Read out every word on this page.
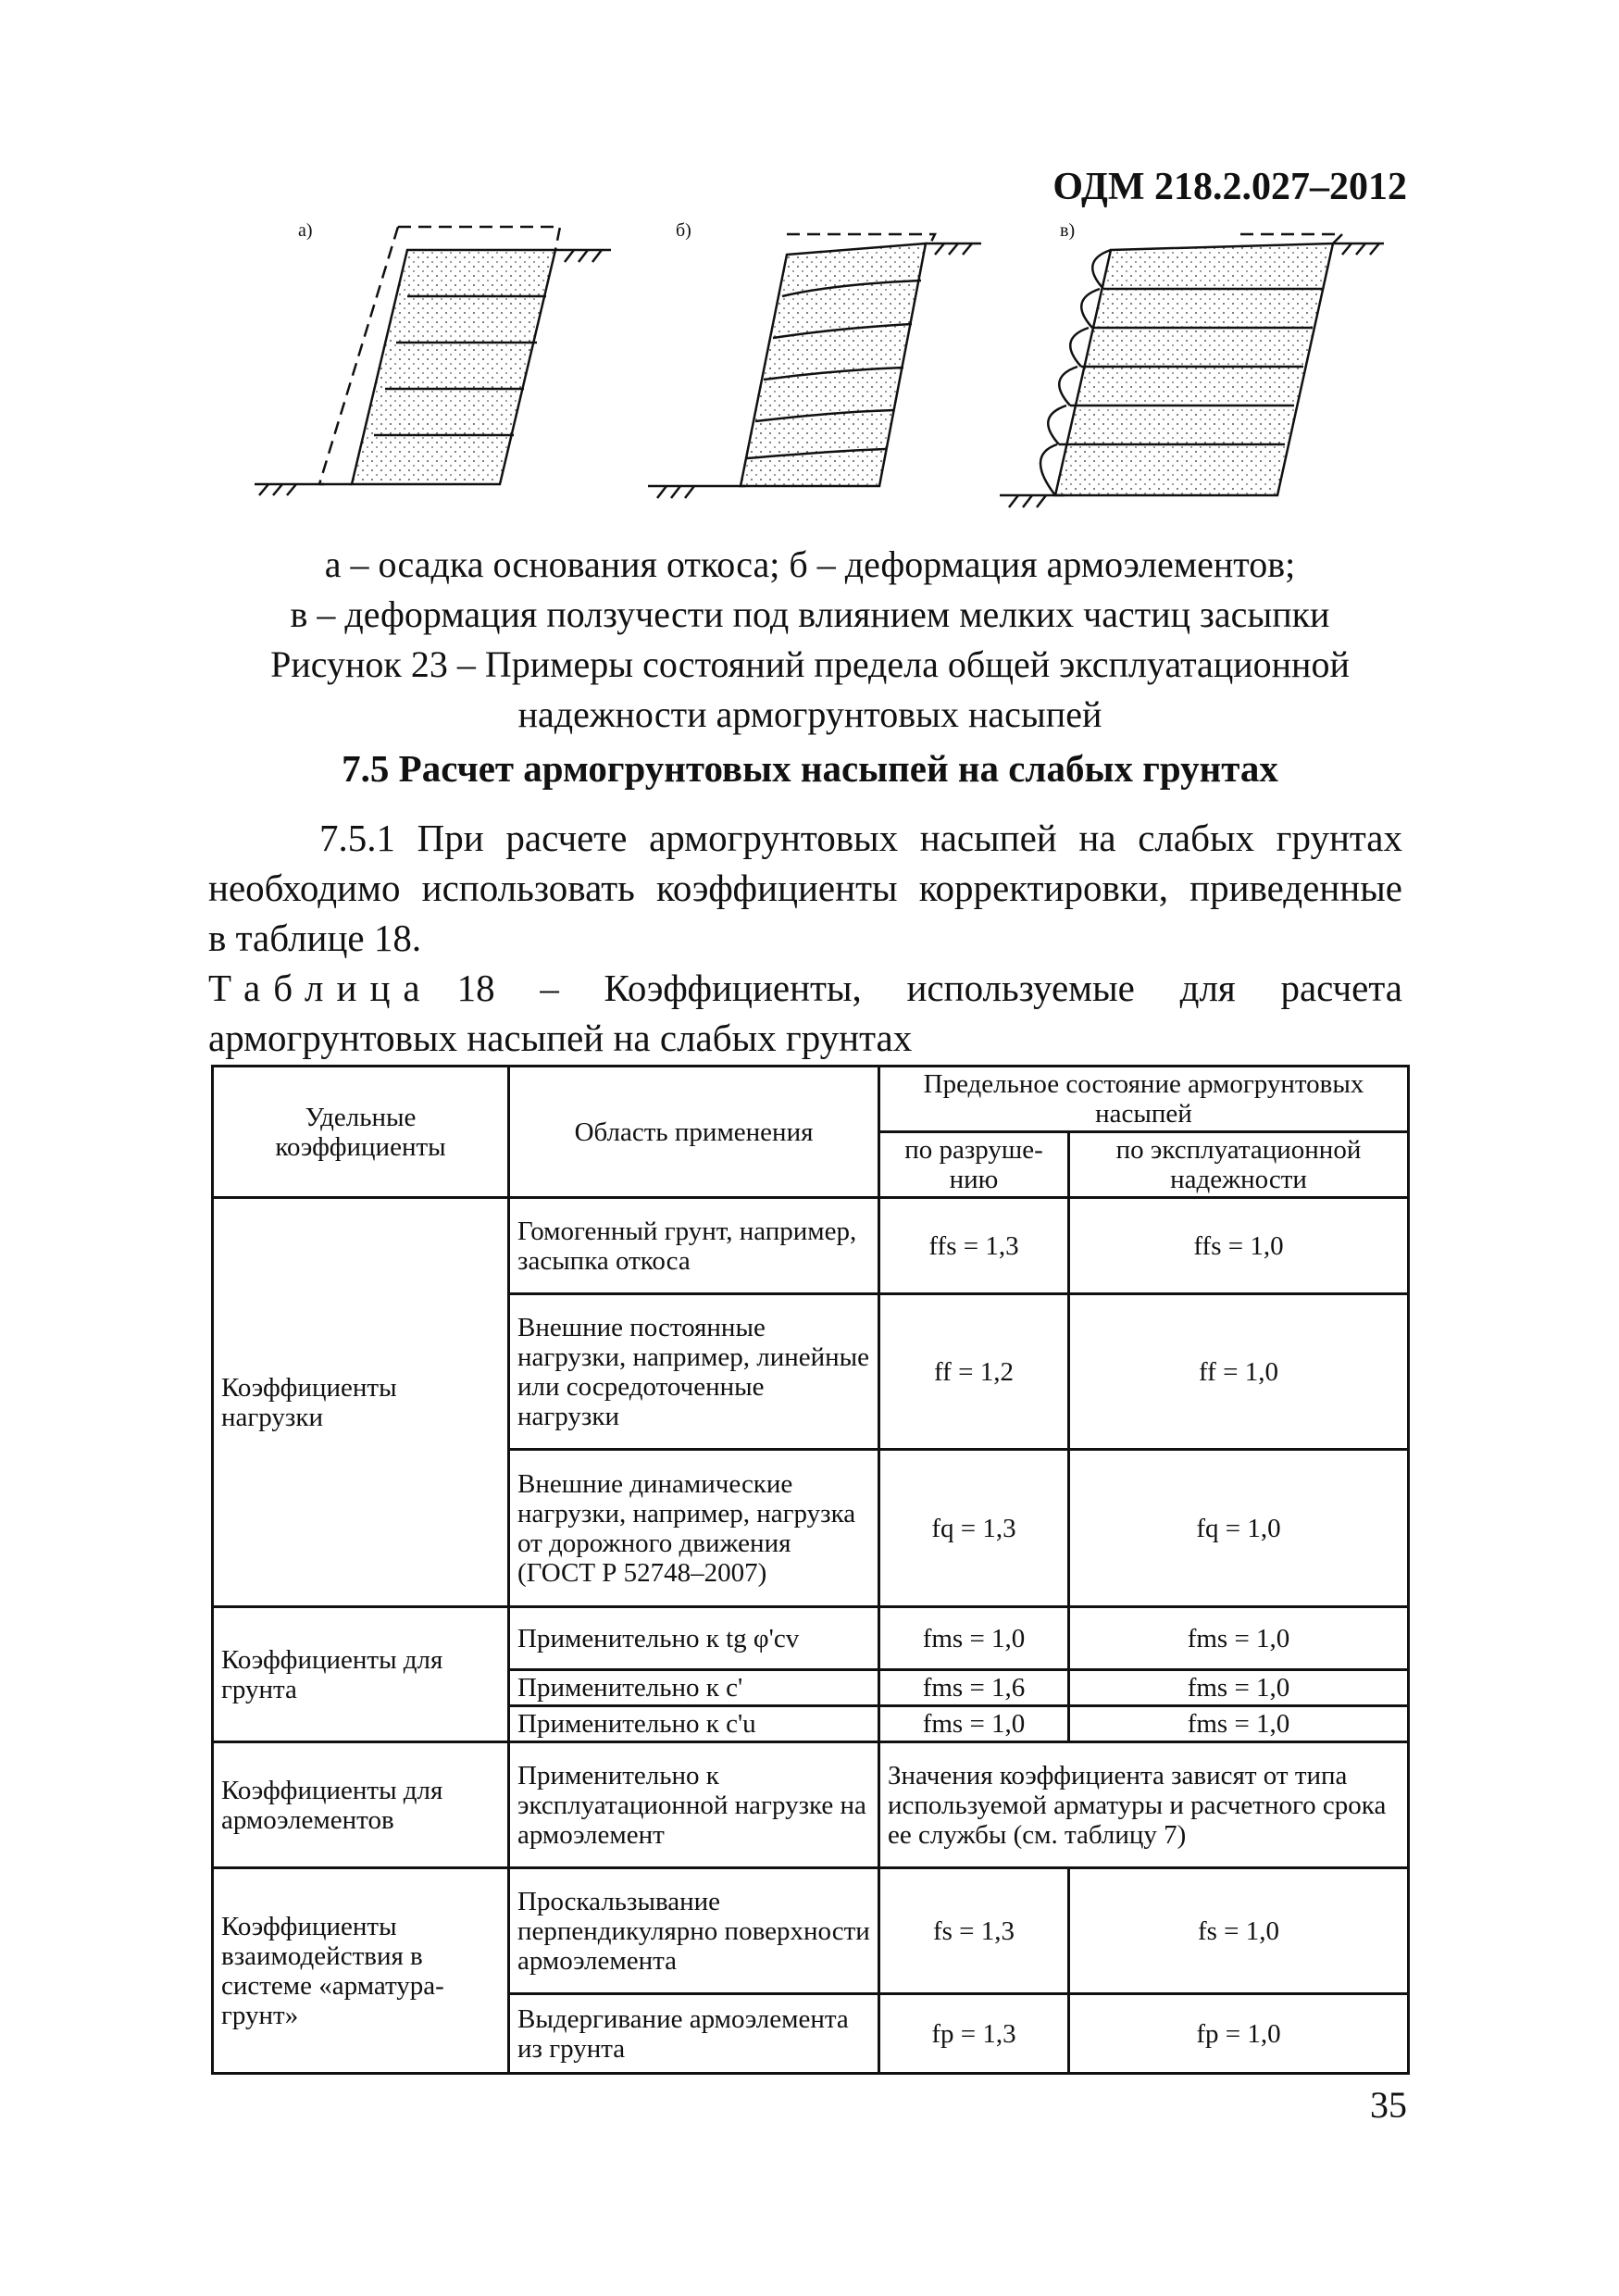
ОДМ 218.2.027–2012
а)	б)	в)
а – осадка основания откоса; б – деформация армоэлементов;
в – деформация ползучести под влиянием мелких частиц засыпки
Рисунок 23 – Примеры состояний предела общей эксплуатационной
надежности армогрунтовых насыпей
7.5 Расчет армогрунтовых насыпей на слабых грунтах
7.5.1 При расчете армогрунтовых насыпей на слабых грунтах
необходимо использовать коэффициенты корректировки, приведенные
в таблице 18.
Таблица 18 – Коэффициенты, используемые для расчета
армогрунтовых насыпей на слабых грунтах
Удельные коэффициенты	Область применения	Предельное состояние армогрунтовых насыпей	
		по разруше-нию	по эксплуатационной надежности
Коэффициенты нагрузки	Гомогенный грунт, например, засыпка откоса	ffs = 1,3	ffs = 1,0
	Внешние постоянные нагрузки, например, линейные или сосредоточенные нагрузки	ff = 1,2	ff = 1,0
	Внешние динамические нагрузки, например, нагрузка от дорожного движения (ГОСТ Р 52748–2007)	fq = 1,3	fq = 1,0
Коэффициенты для грунта	Применительно к tg φ'cv	fms = 1,0	fms = 1,0
	Применительно к c'	fms = 1,6	fms = 1,0
	Применительно к c'u	fms = 1,0	fms = 1,0
Коэффициенты для армоэлементов	Применительно к эксплуатационной нагрузке на армоэлемент	Значения коэффициента зависят от типа используемой арматуры и расчетного срока ее службы (см. таблицу 7)	
Коэффициенты взаимодействия в системе «арматура-грунт»	Проскальзывание перпендикулярно поверхности армоэлемента	fs = 1,3	fs = 1,0
	Выдергивание армоэлемента из грунта	fp = 1,3	fp = 1,0
35
